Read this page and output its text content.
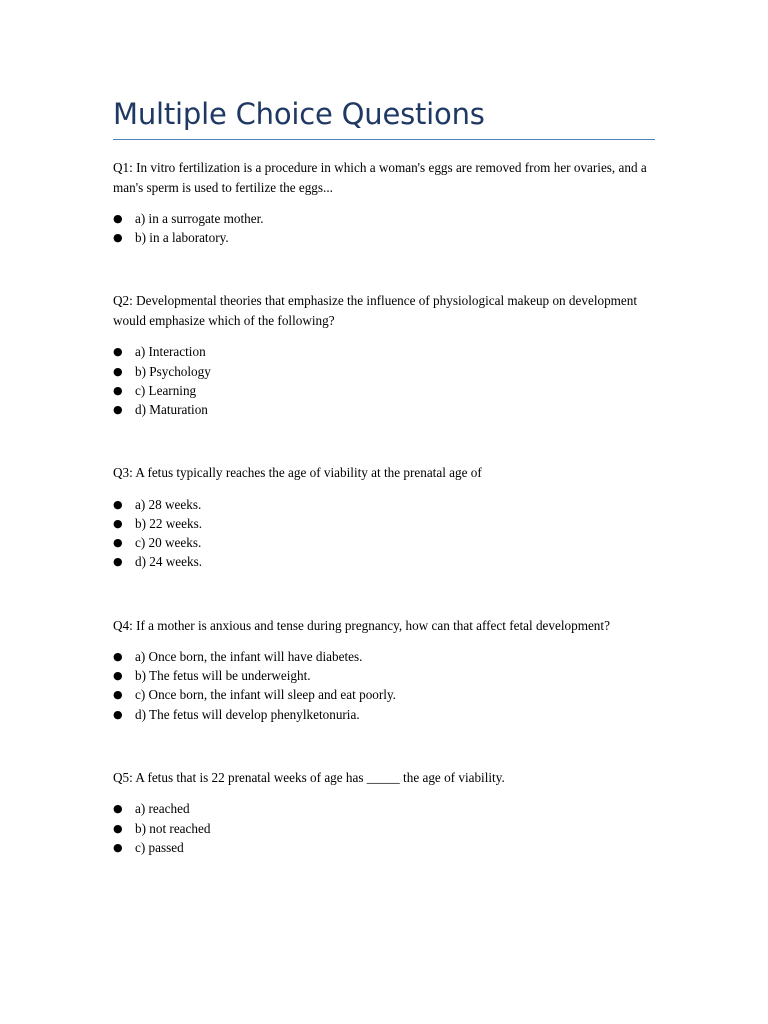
Multiple Choice Questions

Q1: In vitro fertilization is a procedure in which a woman's eggs are removed from her ovaries, and a man's sperm is used to fertilize the eggs...

● a) in a surrogate mother.
● b) in a laboratory.

Q2: Developmental theories that emphasize the influence of physiological makeup on development would emphasize which of the following?

● a) Interaction
● b) Psychology
● c) Learning
● d) Maturation

Q3: A fetus typically reaches the age of viability at the prenatal age of

● a) 28 weeks.
● b) 22 weeks.
● c) 20 weeks.
● d) 24 weeks.

Q4: If a mother is anxious and tense during pregnancy, how can that affect fetal development?

● a) Once born, the infant will have diabetes.
● b) The fetus will be underweight.
● c) Once born, the infant will sleep and eat poorly.
● d) The fetus will develop phenylketonuria.

Q5: A fetus that is 22 prenatal weeks of age has _____ the age of viability.

● a) reached
● b) not reached
● c) passed
